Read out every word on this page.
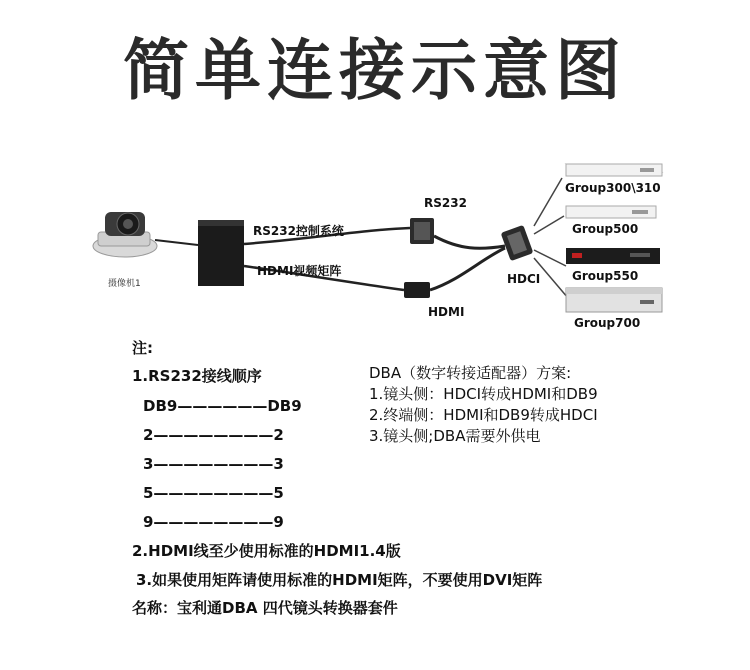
简单连接示意图
摄像机1
RS232控制系统
HDMI视频矩阵
RS232
HDMI
HDCI
Group300\310
Group500
Group550
Group700
注:
1.RS232接线顺序
DB9——————DB9
2————————2
3————————3
5————————5
9————————9
2.HDMI线至少使用标准的HDMI1.4版
3.如果使用矩阵请使用标准的HDMI矩阵，不要使用DVI矩阵
名称：宝利通DBA 四代镜头转换器套件
DBA（数字转接适配器）方案:
1.镜头侧：HDCI转成HDMI和DB9
2.终端侧：HDMI和DB9转成HDCI
3.镜头侧;DBA需要外供电
